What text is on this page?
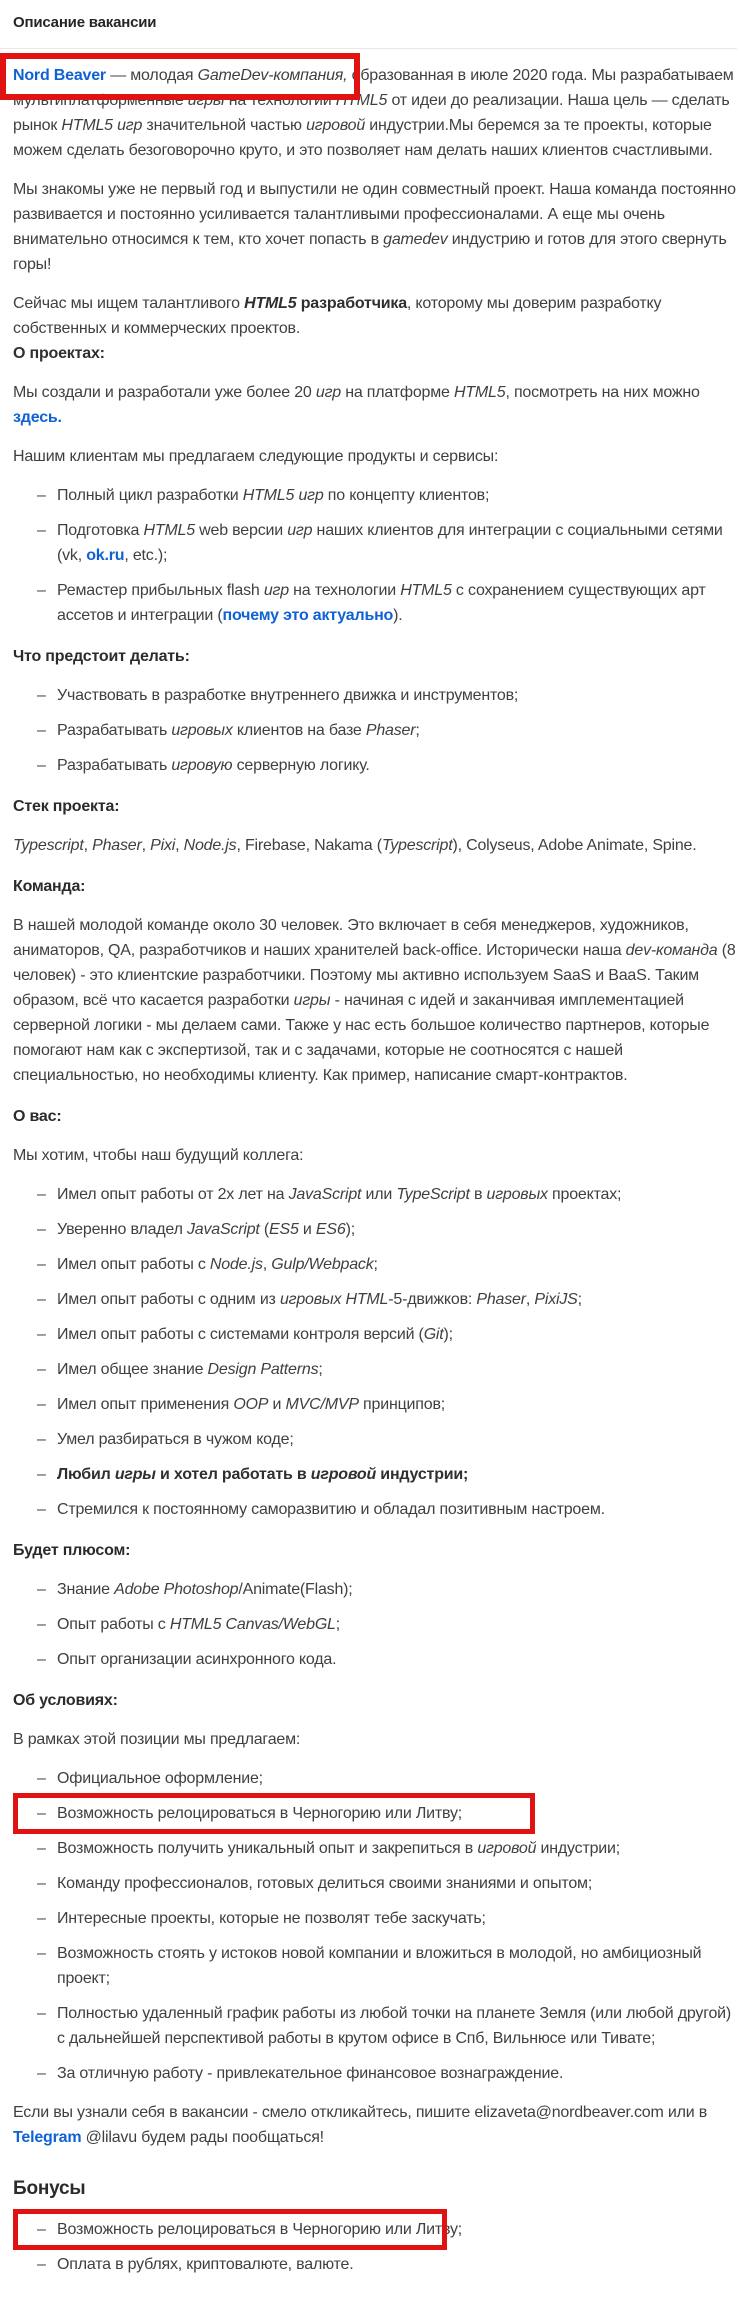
Описание вакансии

Nord Beaver — молодая GameDev-компания, образованная в июле 2020 года. Мы разрабатываем мультиплатформенные игры на технологии HTML5 от идеи до реализации. Наша цель — сделать рынок HTML5 игр значительной частью игровой индустрии.Мы беремся за те проекты, которые можем сделать безоговорочно круто, и это позволяет нам делать наших клиентов счастливыми.

Мы знакомы уже не первый год и выпустили не один совместный проект. Наша команда постоянно развивается и постоянно усиливается талантливыми профессионалами. А еще мы очень внимательно относимся к тем, кто хочет попасть в gamedev индустрию и готов для этого свернуть горы!

Сейчас мы ищем талантливого HTML5 разработчика, которому мы доверим разработку собственных и коммерческих проектов.
О проектах:

Мы создали и разработали уже более 20 игр на платформе HTML5, посмотреть на них можно здесь.

Нашим клиентам мы предлагаем следующие продукты и сервисы:

– Полный цикл разработки HTML5 игр по концепту клиентов;
– Подготовка HTML5 web версии игр наших клиентов для интеграции с социальными сетями (vk, ok.ru, etc.);
– Ремастер прибыльных flash игр на технологии HTML5 с сохранением существующих арт ассетов и интеграции (почему это актуально).

Что предстоит делать:

– Участвовать в разработке внутреннего движка и инструментов;
– Разрабатывать игровых клиентов на базе Phaser;
– Разрабатывать игровую серверную логику.

Стек проекта:

Typescript, Phaser, Pixi, Node.js, Firebase, Nakama (Typescript), Colyseus, Adobe Animate, Spine.

Команда:

В нашей молодой команде около 30 человек. Это включает в себя менеджеров, художников, аниматоров, QA, разработчиков и наших хранителей back-office. Исторически наша dev-команда (8 человек) - это клиентские разработчики. Поэтому мы активно используем SaaS и BaaS. Таким образом, всё что касается разработки игры - начиная с идей и заканчивая имплементацией серверной логики - мы делаем сами. Также у нас есть большое количество партнеров, которые помогают нам как с экспертизой, так и с задачами, которые не соотносятся с нашей специальностью, но необходимы клиенту. Как пример, написание смарт-контрактов.

О вас:

Мы хотим, чтобы наш будущий коллега:

– Имел опыт работы от 2х лет на JavaScript или TypeScript в игровых проектах;
– Уверенно владел JavaScript (ES5 и ES6);
– Имел опыт работы с Node.js, Gulp/Webpack;
– Имел опыт работы с одним из игровых HTML-5-движков: Phaser, PixiJS;
– Имел опыт работы с системами контроля версий (Git);
– Имел общее знание Design Patterns;
– Имел опыт применения OOP и MVC/MVP принципов;
– Умел разбираться в чужом коде;
– Любил игры и хотел работать в игровой индустрии;
– Стремился к постоянному саморазвитию и обладал позитивным настроем.

Будет плюсом:

– Знание Adobe Photoshop/Animate(Flash);
– Опыт работы с HTML5 Canvas/WebGL;
– Опыт организации асинхронного кода.

Об условиях:

В рамках этой позиции мы предлагаем:

– Официальное оформление;
– Возможность релоцироваться в Черногорию или Литву;
– Возможность получить уникальный опыт и закрепиться в игровой индустрии;
– Команду профессионалов, готовых делиться своими знаниями и опытом;
– Интересные проекты, которые не позволят тебе заскучать;
– Возможность стоять у истоков новой компании и вложиться в молодой, но амбициозный проект;
– Полностью удаленный график работы из любой точки на планете Земля (или любой другой) с дальнейшей перспективой работы в крутом офисе в Спб, Вильнюсе или Тивате;
– За отличную работу - привлекательное финансовое вознаграждение.

Если вы узнали себя в вакансии - смело откликайтесь, пишите elizaveta@nordbeaver.com или в Telegram @lilavu будем рады пообщаться!

Бонусы
– Возможность релоцироваться в Черногорию или Литву;
– Оплата в рублях, криптовалюте, валюте.
